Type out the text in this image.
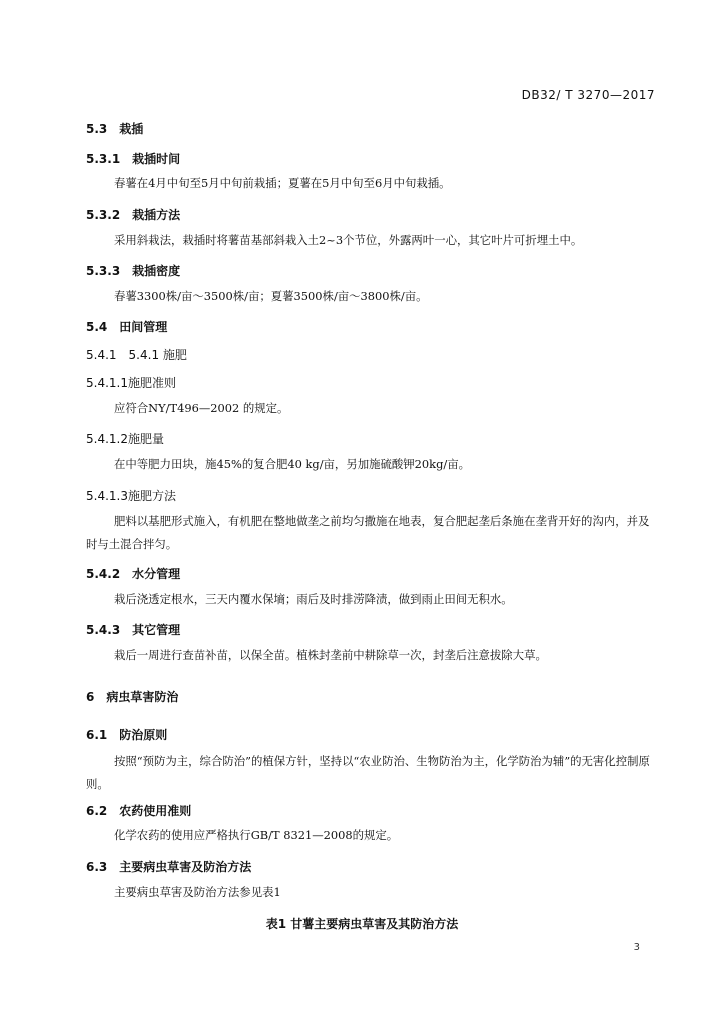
DB32/ T 3270—2017
5.3 栽插
5.3.1 栽插时间
春薯在4月中旬至5月中旬前栽插；夏薯在5月中旬至6月中旬栽插。
5.3.2 栽插方法
采用斜栽法，栽插时将薯苗基部斜栽入土2~3个节位，外露两叶一心，其它叶片可折埋土中。
5.3.3 栽插密度
春薯3300株/亩～3500株/亩；夏薯3500株/亩～3800株/亩。
5.4 田间管理
5.4.1 5.4.1 施肥
5.4.1.1施肥准则
应符合NY/T496—2002 的规定。
5.4.1.2施肥量
在中等肥力田块，施45%的复合肥40 kg/亩，另加施硫酸钾20kg/亩。
5.4.1.3施肥方法
肥料以基肥形式施入，有机肥在整地做垄之前均匀撒施在地表，复合肥起垄后条施在垄背开好的沟内，并及时与土混合拌匀。
5.4.2 水分管理
栽后浇透定根水，三天内覆水保墒；雨后及时排涝降渍，做到雨止田间无积水。
5.4.3 其它管理
栽后一周进行查苗补苗，以保全苗。植株封垄前中耕除草一次，封垄后注意拔除大草。
6 病虫草害防治
6.1 防治原则
按照“预防为主，综合防治”的植保方针，坚持以“农业防治、生物防治为主，化学防治为辅”的无害化控制原则。
6.2 农药使用准则
化学农药的使用应严格执行GB/T 8321—2008的规定。
6.3 主要病虫草害及防治方法
主要病虫草害及防治方法参见表1
表1 甘薯主要病虫草害及其防治方法
3
